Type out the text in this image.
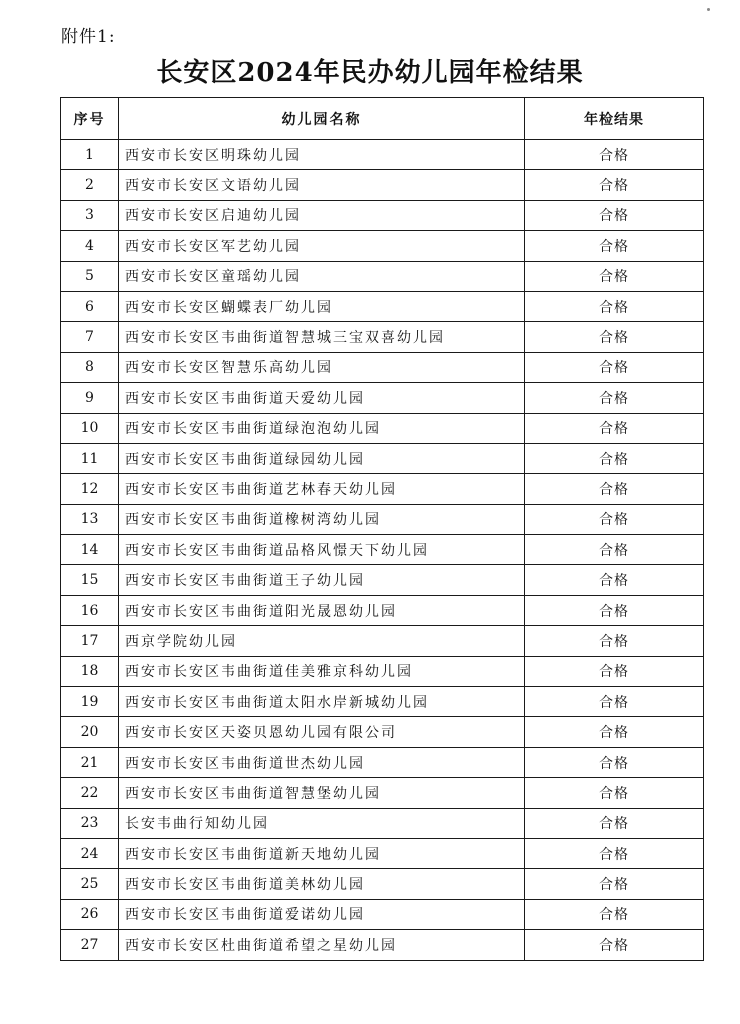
附件1:
长安区2024年民办幼儿园年检结果
序号	幼儿园名称	年检结果
1	西安市长安区明珠幼儿园	合格
2	西安市长安区文语幼儿园	合格
3	西安市长安区启迪幼儿园	合格
4	西安市长安区军艺幼儿园	合格
5	西安市长安区童瑶幼儿园	合格
6	西安市长安区蝴蝶表厂幼儿园	合格
7	西安市长安区韦曲街道智慧城三宝双喜幼儿园	合格
8	西安市长安区智慧乐高幼儿园	合格
9	西安市长安区韦曲街道天爱幼儿园	合格
10	西安市长安区韦曲街道绿泡泡幼儿园	合格
11	西安市长安区韦曲街道绿园幼儿园	合格
12	西安市长安区韦曲街道艺林春天幼儿园	合格
13	西安市长安区韦曲街道橡树湾幼儿园	合格
14	西安市长安区韦曲街道品格风憬天下幼儿园	合格
15	西安市长安区韦曲街道王子幼儿园	合格
16	西安市长安区韦曲街道阳光晟恩幼儿园	合格
17	西京学院幼儿园	合格
18	西安市长安区韦曲街道佳美雅京科幼儿园	合格
19	西安市长安区韦曲街道太阳水岸新城幼儿园	合格
20	西安市长安区天姿贝恩幼儿园有限公司	合格
21	西安市长安区韦曲街道世杰幼儿园	合格
22	西安市长安区韦曲街道智慧堡幼儿园	合格
23	长安韦曲行知幼儿园	合格
24	西安市长安区韦曲街道新天地幼儿园	合格
25	西安市长安区韦曲街道美林幼儿园	合格
26	西安市长安区韦曲街道爱诺幼儿园	合格
27	西安市长安区杜曲街道希望之星幼儿园	合格
